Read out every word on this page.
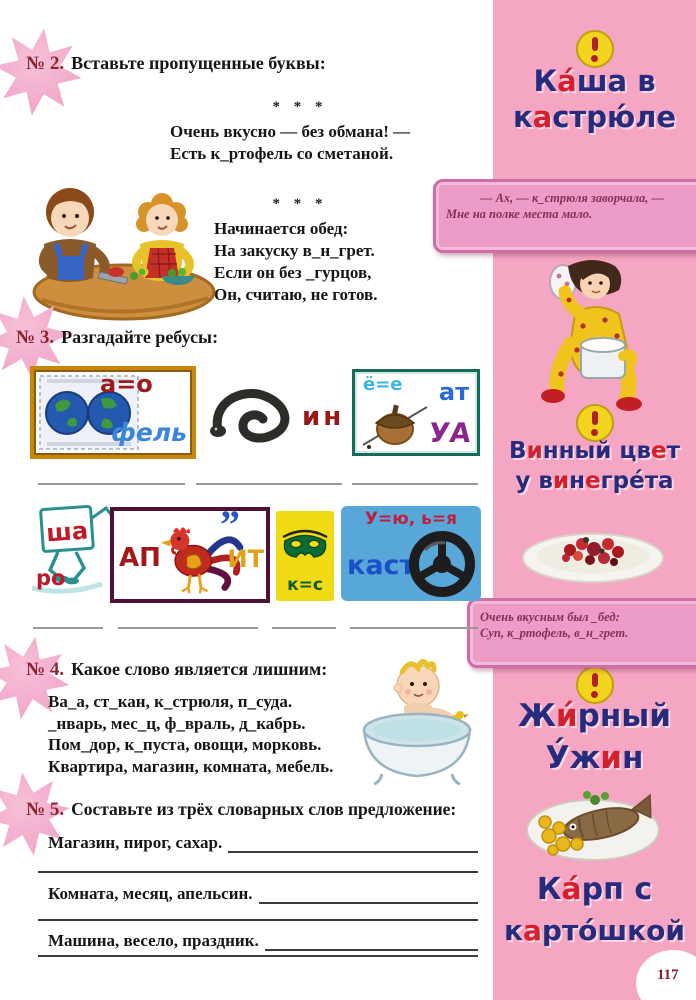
Ка́ша в
кастрю́ле
Винный цвет
у винегре́та
Жи́рный
У́жин
Ка́рп с
карто́шкой

— Ах, — к_стрюля заворчала, —

Мне на полке места мало.

Очень вкусным был _бед:

Суп, к_ртофель, в_н_грет.

№ 2. Вставьте пропущенные буквы:
* * *

Очень вкусно — без обмана! —

Есть к_ртофель со сметаной.

* * *

Начинается обед:

На закуску в_н_грет.

Если он без _гурцов,

Он, считаю, не готов.

№ 3. Разгадайте ребусы:
а=о
фель
ин
ё=е ат
УА
ша
ро
АП
”
ИТ
к=с
У=ю, ь=я
каст
№ 4. Какое слово является лишним:

Ва_а, ст_кан, к_стрюля, п_суда.

_нварь, мес_ц, ф_враль, д_кабрь.

Пом_дор, к_пуста, овощи, морковь.

Квартира, магазин, комната, мебель.

№ 5. Составьте из трёх словарных слов предложение:
Магазин, пирог, сахар.
Комната, месяц, апельсин.
Машина, весело, праздник.
117
